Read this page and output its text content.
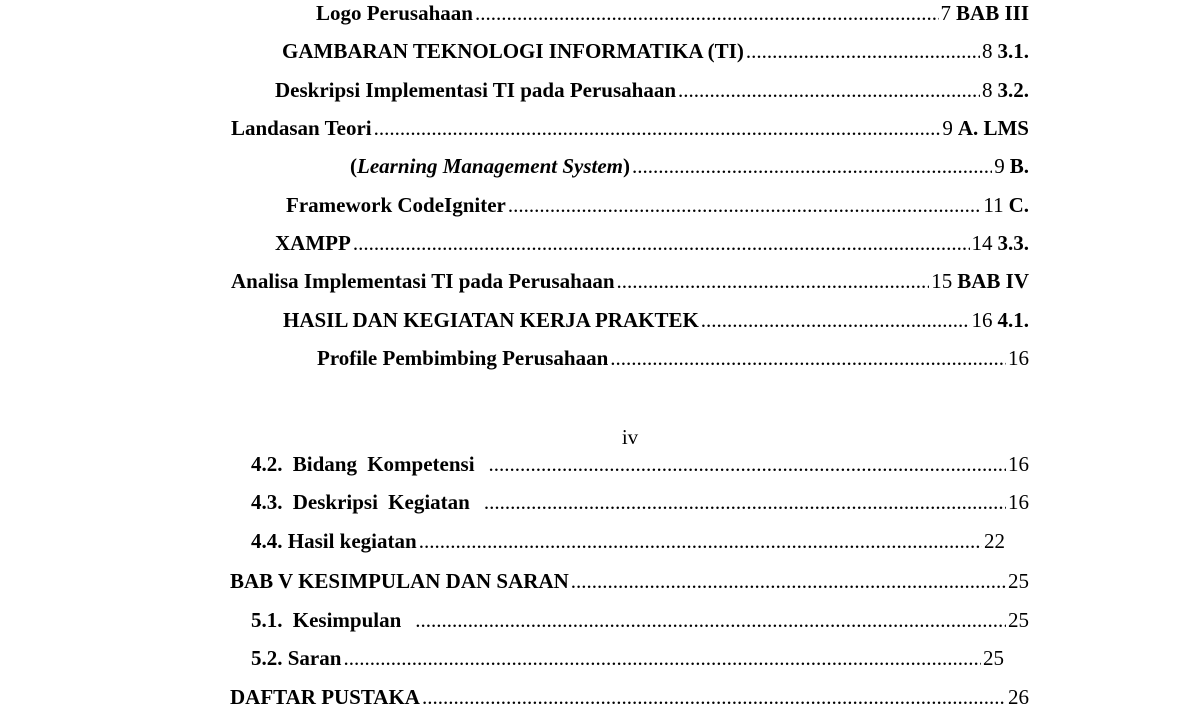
Logo Perusahaan .....	7 BAB III
GAMBARAN TEKNOLOGI INFORMATIKA (TI) .....	8 3.1.
Deskripsi Implementasi TI pada Perusahaan .....	8 3.2.
Landasan Teori .....	9 A. LMS
(Learning Management System) .....	9 B.
Framework CodeIgniter .....	11 C.
XAMPP .....	14 3.3.
Analisa Implementasi TI pada Perusahaan .....	15 BAB IV
HASIL DAN KEGIATAN KERJA PRAKTEK .....	16 4.1.
Profile Pembimbing Perusahaan .....	16
iv
4.2. Bidang Kompetensi .....	16
4.3. Deskripsi Kegiatan .....	16
4.4. Hasil kegiatan .....	22
BAB V KESIMPULAN DAN SARAN .....	25
5.1. Kesimpulan .....	25
5.2. Saran .....	25
DAFTAR PUSTAKA .....	26
